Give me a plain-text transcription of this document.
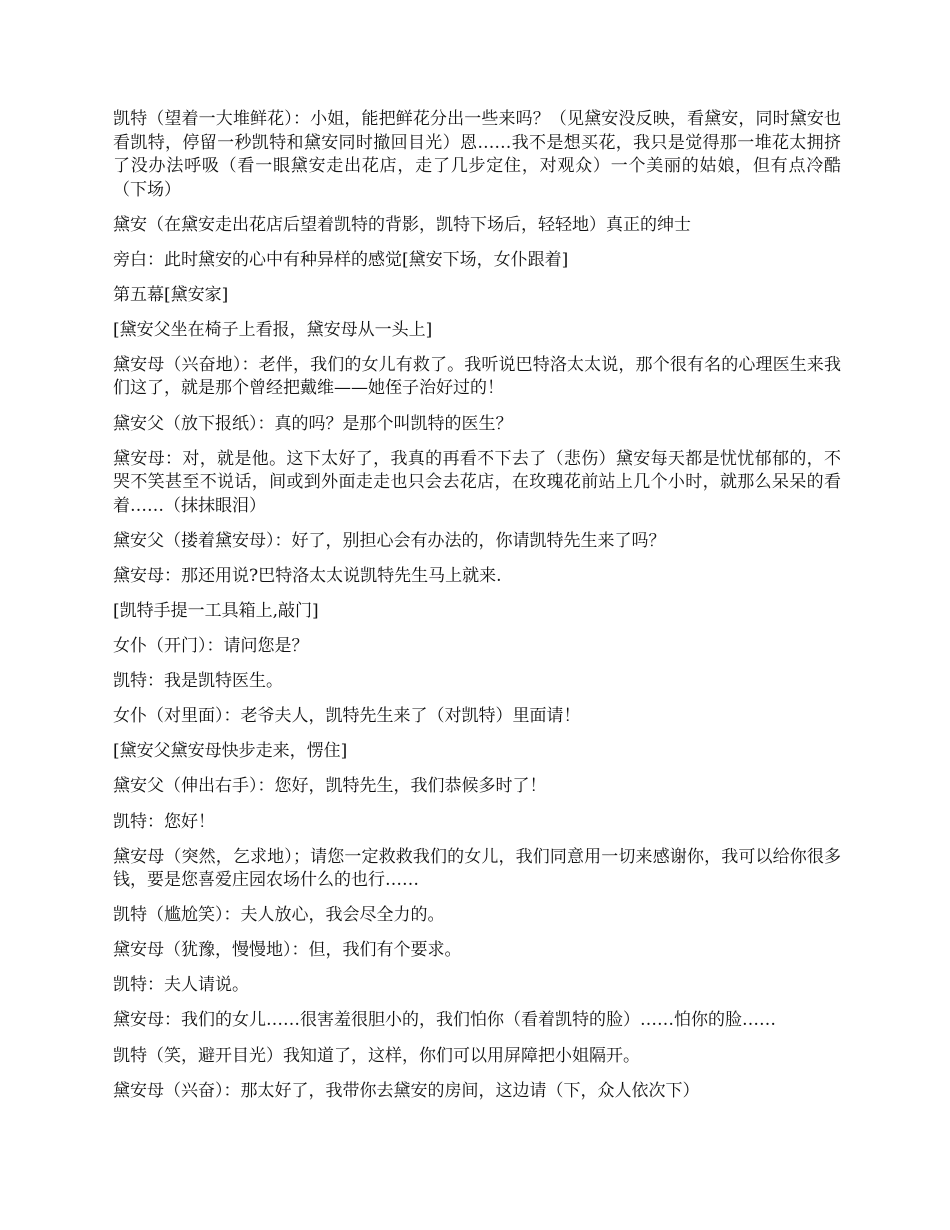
凯特（望着一大堆鲜花）：小姐，能把鲜花分出一些来吗？（见黛安没反映，看黛安，同时黛安也看凯特，停留一秒凯特和黛安同时撤回目光）恩……我不是想买花，我只是觉得那一堆花太拥挤了没办法呼吸（看一眼黛安走出花店，走了几步定住，对观众）一个美丽的姑娘，但有点冷酷（下场）

黛安（在黛安走出花店后望着凯特的背影，凯特下场后，轻轻地）真正的绅士

旁白：此时黛安的心中有种异样的感觉[黛安下场，女仆跟着]

第五幕[黛安家]

[黛安父坐在椅子上看报，黛安母从一头上]

黛安母（兴奋地）：老伴，我们的女儿有救了。我听说巴特洛太太说，那个很有名的心理医生来我们这了，就是那个曾经把戴维——她侄子治好过的！

黛安父（放下报纸）：真的吗？是那个叫凯特的医生？

黛安母：对，就是他。这下太好了，我真的再看不下去了（悲伤）黛安每天都是忧忧郁郁的，不哭不笑甚至不说话，间或到外面走走也只会去花店，在玫瑰花前站上几个小时，就那么呆呆的看着……（抹抹眼泪）

黛安父（搂着黛安母）：好了，别担心会有办法的，你请凯特先生来了吗？

黛安母：那还用说?巴特洛太太说凯特先生马上就来.

[凯特手提一工具箱上,敲门]

女仆（开门）：请问您是？

凯特：我是凯特医生。

女仆（对里面）：老爷夫人，凯特先生来了（对凯特）里面请！

[黛安父黛安母快步走来，愣住]

黛安父（伸出右手）：您好，凯特先生，我们恭候多时了！

凯特：您好！

黛安母（突然，乞求地）；请您一定救救我们的女儿，我们同意用一切来感谢你，我可以给你很多钱，要是您喜爱庄园农场什么的也行……

凯特（尴尬笑）：夫人放心，我会尽全力的。

黛安母（犹豫，慢慢地）：但，我们有个要求。

凯特：夫人请说。

黛安母：我们的女儿……很害羞很胆小的，我们怕你（看着凯特的脸）……怕你的脸……

凯特（笑，避开目光）我知道了，这样，你们可以用屏障把小姐隔开。

黛安母（兴奋）：那太好了，我带你去黛安的房间，这边请（下，众人依次下）
